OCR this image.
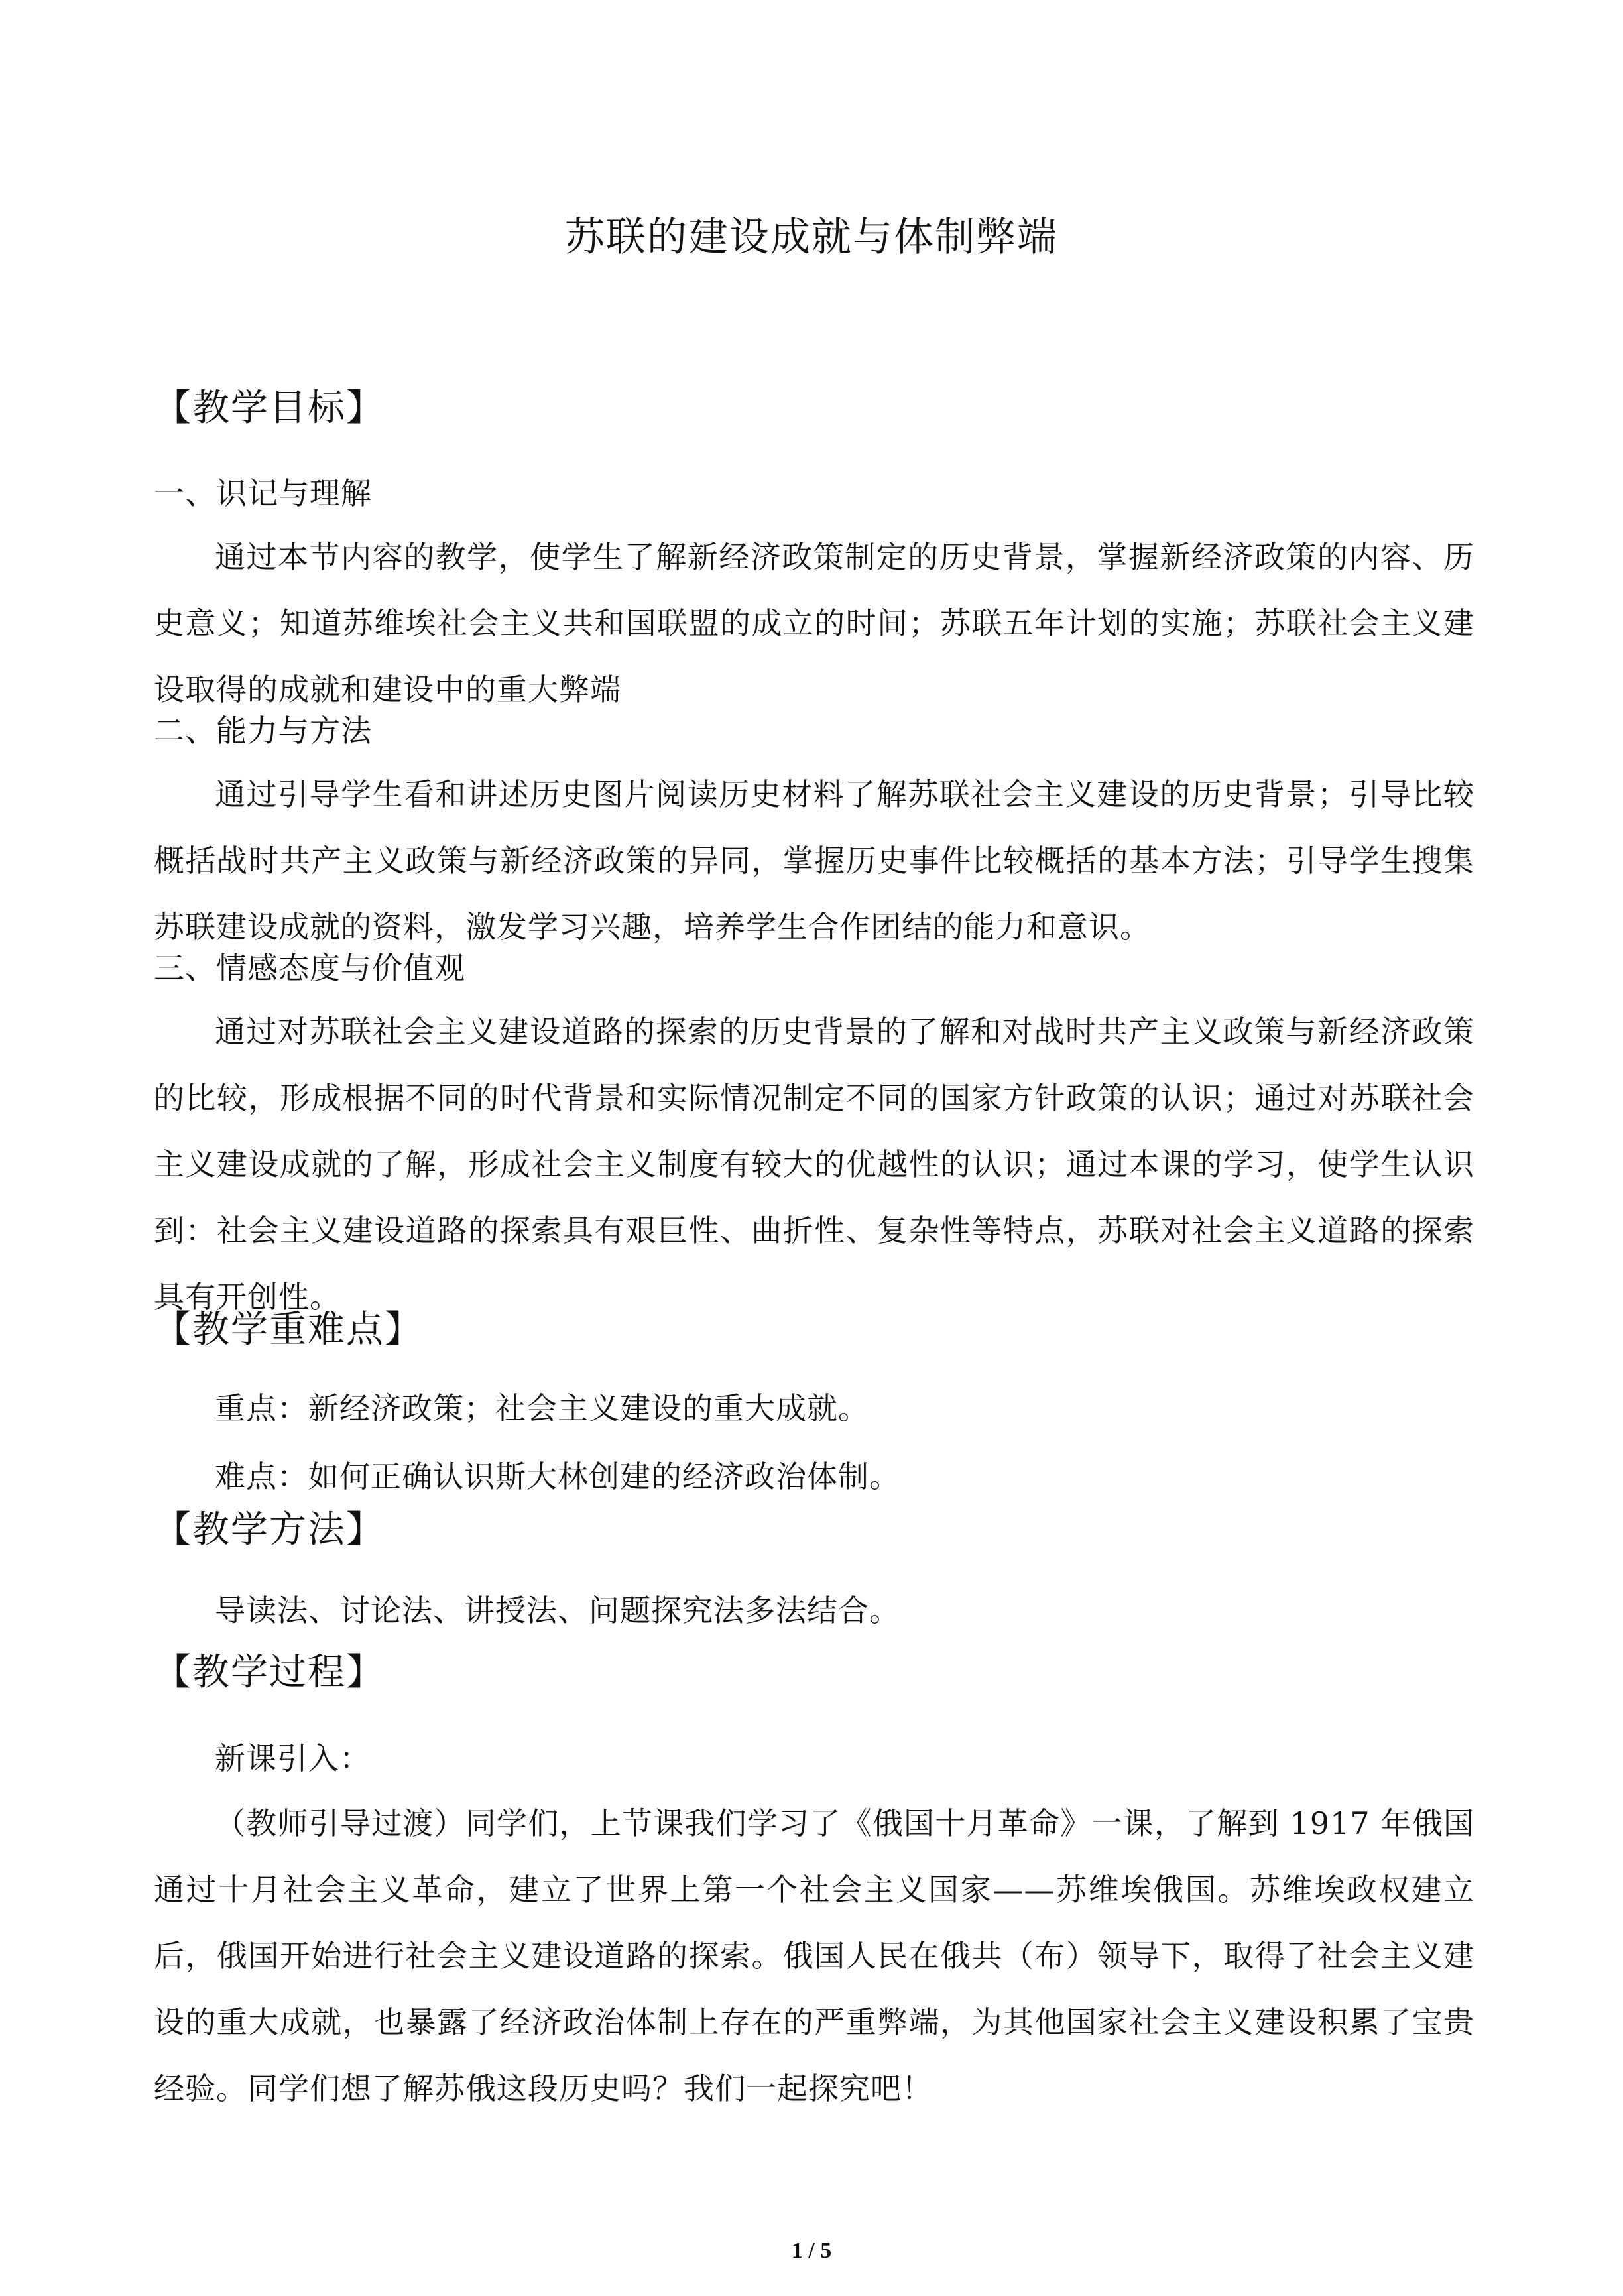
苏联的建设成就与体制弊端
【教学目标】
一、识记与理解
通过本节内容的教学，使学生了解新经济政策制定的历史背景，掌握新经济政策的内容、历史意义；知道苏维埃社会主义共和国联盟的成立的时间；苏联五年计划的实施；苏联社会主义建设取得的成就和建设中的重大弊端
二、能力与方法
通过引导学生看和讲述历史图片阅读历史材料了解苏联社会主义建设的历史背景；引导比较概括战时共产主义政策与新经济政策的异同，掌握历史事件比较概括的基本方法；引导学生搜集苏联建设成就的资料，激发学习兴趣，培养学生合作团结的能力和意识。
三、情感态度与价值观
通过对苏联社会主义建设道路的探索的历史背景的了解和对战时共产主义政策与新经济政策的比较，形成根据不同的时代背景和实际情况制定不同的国家方针政策的认识；通过对苏联社会主义建设成就的了解，形成社会主义制度有较大的优越性的认识；通过本课的学习，使学生认识到：社会主义建设道路的探索具有艰巨性、曲折性、复杂性等特点，苏联对社会主义道路的探索具有开创性。
【教学重难点】
重点：新经济政策；社会主义建设的重大成就。
难点：如何正确认识斯大林创建的经济政治体制。
【教学方法】
导读法、讨论法、讲授法、问题探究法多法结合。
【教学过程】
新课引入：
（教师引导过渡）同学们，上节课我们学习了《俄国十月革命》一课，了解到 1917 年俄国通过十月社会主义革命，建立了世界上第一个社会主义国家——苏维埃俄国。苏维埃政权建立后，俄国开始进行社会主义建设道路的探索。俄国人民在俄共（布）领导下，取得了社会主义建设的重大成就，也暴露了经济政治体制上存在的严重弊端，为其他国家社会主义建设积累了宝贵经验。同学们想了解苏俄这段历史吗？我们一起探究吧！
1 / 5
